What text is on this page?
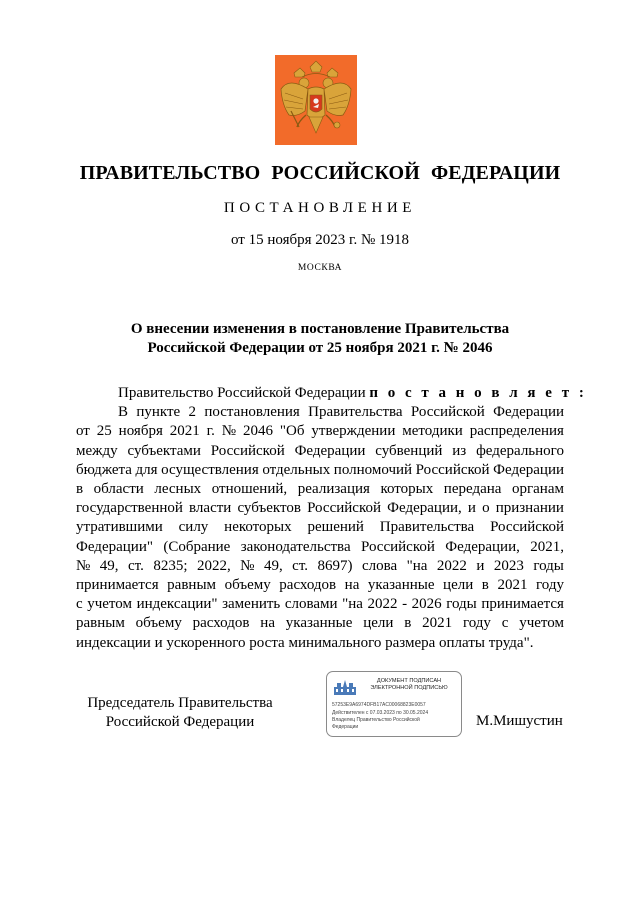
ПРАВИТЕЛЬСТВО РОССИЙСКОЙ ФЕДЕРАЦИИ
ПОСТАНОВЛЕНИЕ
от 15 ноября 2023 г. № 1918
МОСКВА
О внесении изменения в постановление Правительства
Российской Федерации от 25 ноября 2021 г. № 2046
Правительство Российской Федерации п о с т а н о в л я е т :
В пункте 2 постановления Правительства Российской Федерации
от 25 ноября 2021 г. № 2046 "Об утверждении методики распределения
между субъектами Российской Федерации субвенций из федерального
бюджета для осуществления отдельных полномочий Российской Федерации
в области лесных отношений, реализация которых передана органам
государственной власти субъектов Российской Федерации, и о признании
утратившими силу некоторых решений Правительства Российской
Федерации" (Собрание законодательства Российской Федерации, 2021,
№ 49, ст. 8235; 2022, № 49, ст. 8697) слова "на 2022 и 2023 годы
принимается равным объему расходов на указанные цели в 2021 году
с учетом индексации" заменить словами "на 2022 - 2026 годы принимается
равным объему расходов на указанные цели в 2021 году с учетом
индексации и ускоренного роста минимального размера оплаты труда".
Председатель Правительства
Российской Федерации
ДОКУМЕНТ ПОДПИСАН
ЭЛЕКТРОННОЙ ПОДПИСЬЮ
57253E9A6974DFB17AC00068823E0057
Действителен с 07.03.2023 по 30.05.2024
Владелец Правительство Российской
Федерации	М.Мишустин
